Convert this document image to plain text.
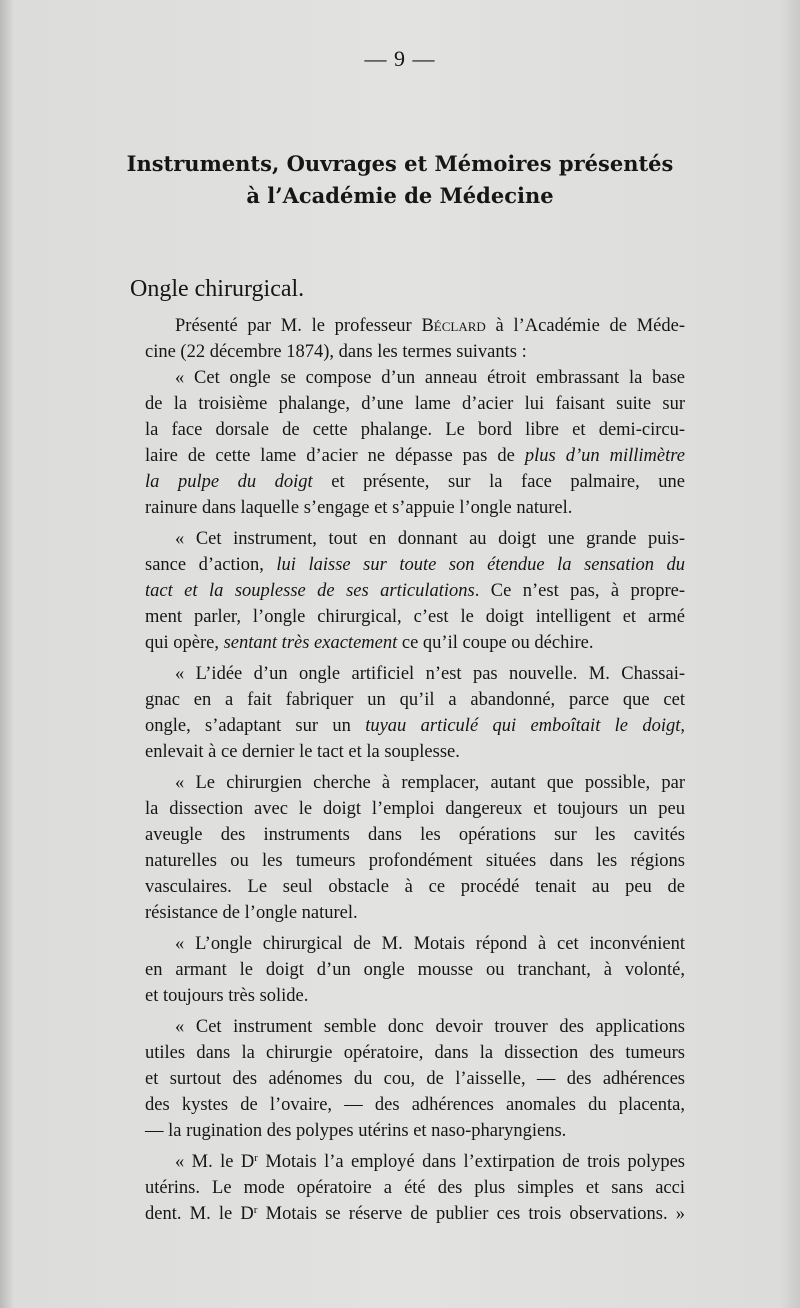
— 9 —
Instruments, Ouvrages et Mémoires présentés
à l’Académie de Médecine
Ongle chirurgical.
Présenté par M. le professeur Béclard à l’Académie de Méde-
cine (22 décembre 1874), dans les termes suivants :
« Cet ongle se compose d’un anneau étroit embrassant la base
de la troisième phalange, d’une lame d’acier lui faisant suite sur
la face dorsale de cette phalange. Le bord libre et demi-circu-
laire de cette lame d’acier ne dépasse pas de plus d’un millimètre
la pulpe du doigt et présente, sur la face palmaire, une
rainure dans laquelle s’engage et s’appuie l’ongle naturel.
« Cet instrument, tout en donnant au doigt une grande puis-
sance d’action, lui laisse sur toute son étendue la sensation du
tact et la souplesse de ses articulations. Ce n’est pas, à propre-
ment parler, l’ongle chirurgical, c’est le doigt intelligent et armé
qui opère, sentant très exactement ce qu’il coupe ou déchire.
« L’idée d’un ongle artificiel n’est pas nouvelle. M. Chassai-
gnac en a fait fabriquer un qu’il a abandonné, parce que cet
ongle, s’adaptant sur un tuyau articulé qui emboîtait le doigt,
enlevait à ce dernier le tact et la souplesse.
« Le chirurgien cherche à remplacer, autant que possible, par
la dissection avec le doigt l’emploi dangereux et toujours un peu
aveugle des instruments dans les opérations sur les cavités
naturelles ou les tumeurs profondément situées dans les régions
vasculaires. Le seul obstacle à ce procédé tenait au peu de
résistance de l’ongle naturel.
« L’ongle chirurgical de M. Motais répond à cet inconvénient
en armant le doigt d’un ongle mousse ou tranchant, à volonté,
et toujours très solide.
« Cet instrument semble donc devoir trouver des applications
utiles dans la chirurgie opératoire, dans la dissection des tumeurs
et surtout des adénomes du cou, de l’aisselle, — des adhérences
des kystes de l’ovaire, — des adhérences anomales du placenta,
— la rugination des polypes utérins et naso-pharyngiens.
« M. le $D^r$ Motais l’a employé dans l’extirpation de trois polypes
utérins. Le mode opératoire a été des plus simples et sans acci
dent. M. le $D^r$ Motais se réserve de publier ces trois observations. »
